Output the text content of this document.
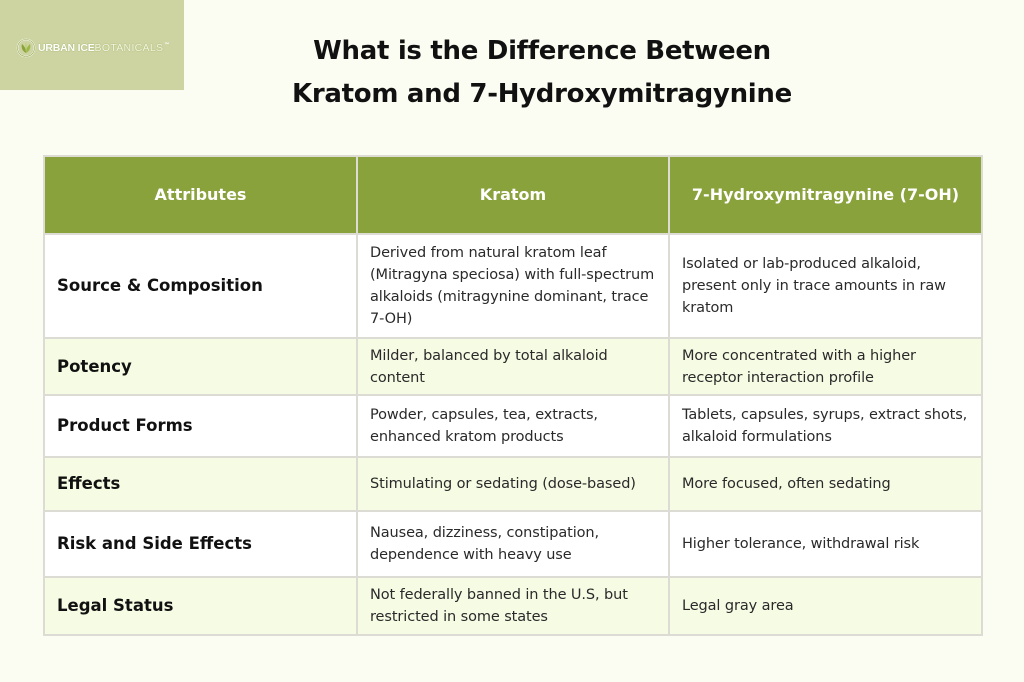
URBAN ICEBOTANICALS™	What is the Difference Between
Kratom and 7-Hydroxymitragynine
Attributes	Kratom	7-Hydroxymitragynine (7-OH)
Source & Composition	Derived from natural kratom leaf (Mitragyna speciosa) with full-spectrum alkaloids (mitragynine dominant, trace 7-OH)	Isolated or lab-produced alkaloid, present only in trace amounts in raw kratom
Potency	Milder, balanced by total alkaloid content	More concentrated with a higher receptor interaction profile
Product Forms	Powder, capsules, tea, extracts, enhanced kratom products	Tablets, capsules, syrups, extract shots, alkaloid formulations
Effects	Stimulating or sedating (dose-based)	More focused, often sedating
Risk and Side Effects	Nausea, dizziness, constipation, dependence with heavy use	Higher tolerance, withdrawal risk
Legal Status	Not federally banned in the U.S, but restricted in some states	Legal gray area
